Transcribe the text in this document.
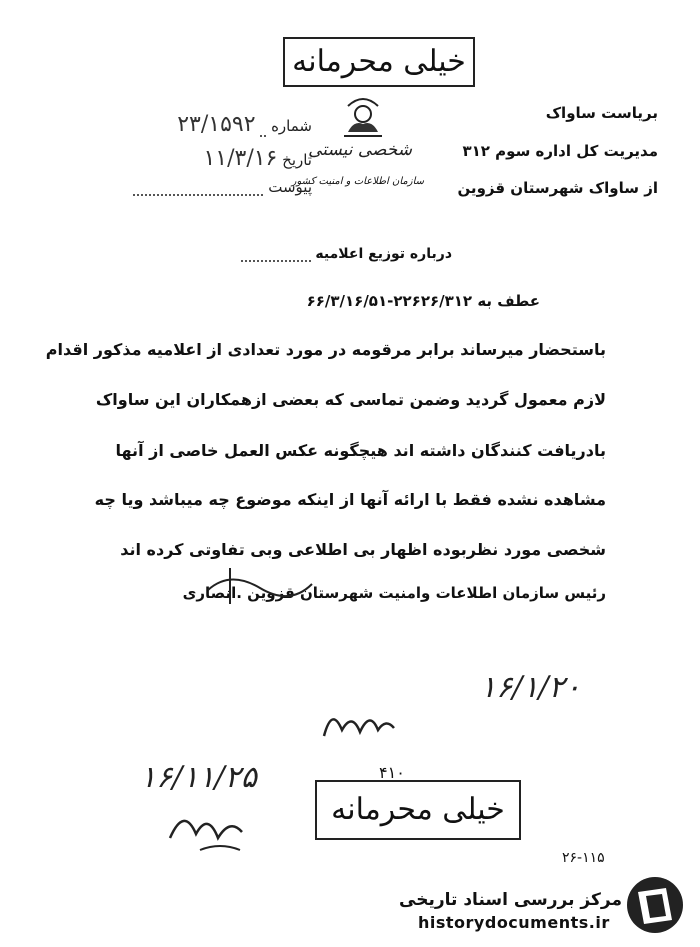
خیلی محرمانه
شماره  ۲۳/۱۵۹۲
تاریخ ۱۱/۳/۱۶
پیوست
شخصی نیستی
سازمان اطلاعات و امنیت کشور
بریاست ساواک
مدیریت کل اداره سوم ۳۱۲
از ساواک شهرستان قزوین
درباره توزیع اعلامیه
عطف به ۲۲۶۲۶/۳۱۲-۶۶/۳/۱۶/۵۱
باستحضار میرساند برابر مرقومه در مورد تعدادی از اعلامیه مذکور اقدام
لازم معمول گردید وضمن تماسی که بعضی ازهمکاران این ساواک
بادریافت کنندگان داشته اند هیچگونه عکس العمل خاصی از آنها
مشاهده نشده فقط با ارائه آنها از اینکه موضوع چه میباشد ویا چه
شخصی مورد نظربوده اظهار بی اطلاعی وبی تفاوتی کرده اند
رئیس سازمان اطلاعات وامنیت شهرستان قزوین .انصاری
۱۶/۱/۲۰
۱۶/۱۱/۲۵	۴۱۰
خیلی محرمانه
۲۶-۱۱۵
مرکز بررسی اسناد تاریخی
historydocuments.ir
